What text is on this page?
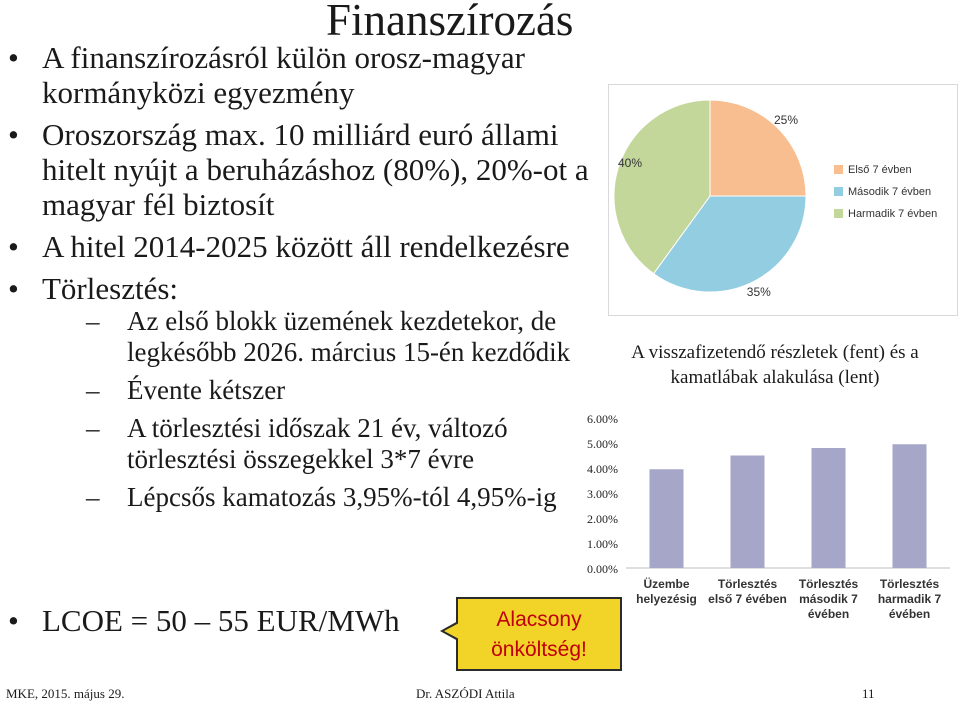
Finanszírozás
• A finanszírozásról külön orosz-magyar kormányközi egyezmény
• Oroszország max. 10 milliárd euró állami hitelt nyújt a beruházáshoz (80%), 20%-ot a magyar fél biztosít
• A hitel 2014-2025 között áll rendelkezésre
• Törlesztés:
– Az első blokk üzemének kezdetekor, de legkésőbb 2026. március 15-én kezdődik
– Évente kétszer
– A törlesztési időszak 21 év, változó törlesztési összegekkel 3*7 évre
– Lépcsős kamatozás 3,95%-tól 4,95%-ig
• LCOE = 50 – 55 EUR/MWh	Alacsony
önköltség!
25%
35%
40%
Első 7 évben
Második 7 évben
Harmadik 7 évben
A visszafizetendő részletek (fent) és a kamatlábak alakulása (lent)
0.00%
1.00%
2.00%
3.00%
4.00%
5.00%
6.00%
Üzembe
helyezésig
Törlesztés
első 7 évében
Törlesztés
második 7
évében
Törlesztés
harmadik 7
évében
MKE, 2015. május 29.	Dr. ASZÓDI Attila	11
